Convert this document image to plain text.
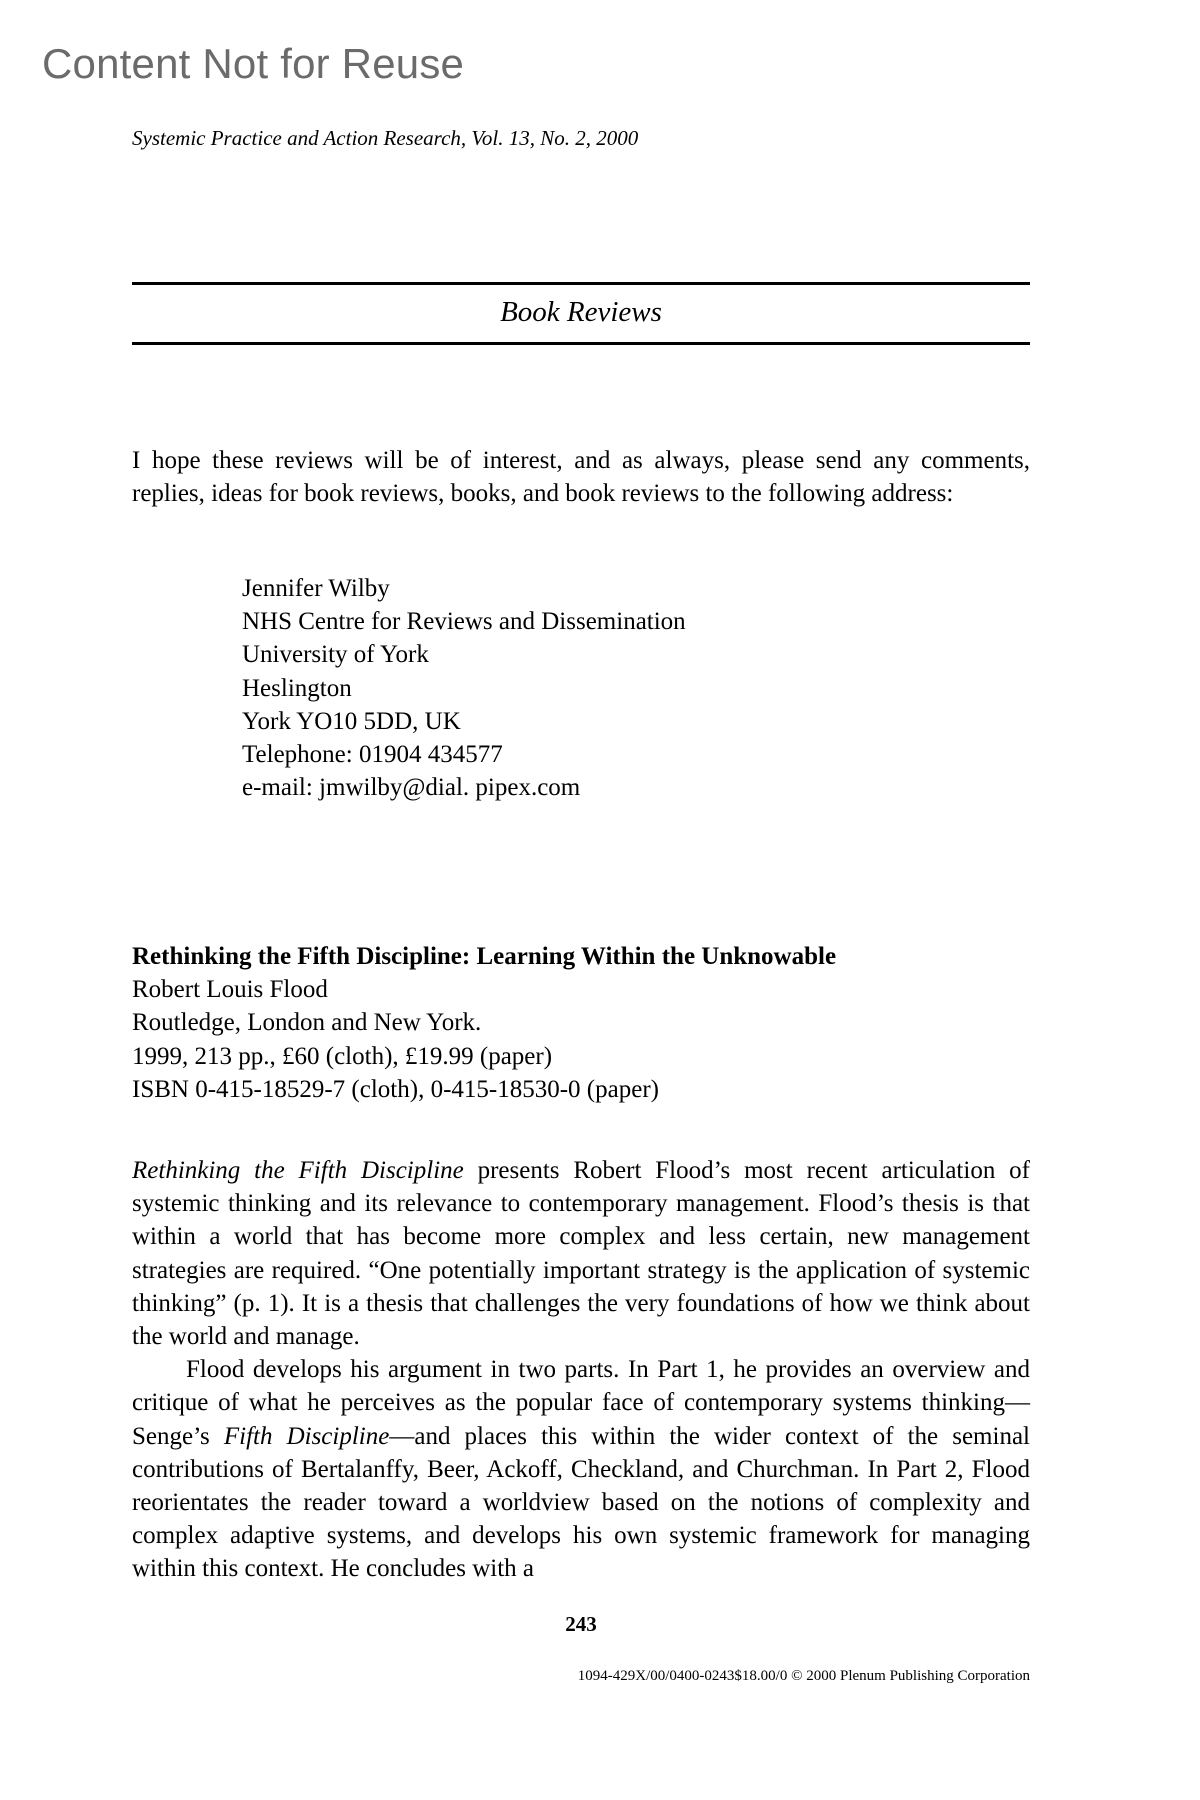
Content Not for Reuse
Systemic Practice and Action Research, Vol. 13, No. 2, 2000
Book Reviews
I hope these reviews will be of interest, and as always, please send any comments, replies, ideas for book reviews, books, and book reviews to the following address:
Jennifer Wilby
NHS Centre for Reviews and Dissemination
University of York
Heslington
York YO10 5DD, UK
Telephone: 01904 434577
e-mail: jmwilby@dial. pipex.com
Rethinking the Fifth Discipline: Learning Within the Unknowable
Robert Louis Flood
Routledge, London and New York.
1999, 213 pp., £60 (cloth), £19.99 (paper)
ISBN 0-415-18529-7 (cloth), 0-415-18530-0 (paper)

Rethinking the Fifth Discipline presents Robert Flood’s most recent articulation of systemic thinking and its relevance to contemporary management. Flood’s thesis is that within a world that has become more complex and less certain, new management strategies are required. “One potentially important strategy is the application of systemic thinking” (p. 1). It is a thesis that challenges the very foundations of how we think about the world and manage.

Flood develops his argument in two parts. In Part 1, he provides an overview and critique of what he perceives as the popular face of contemporary systems thinking—Senge’s Fifth Discipline—and places this within the wider context of the seminal contributions of Bertalanffy, Beer, Ackoff, Checkland, and Churchman. In Part 2, Flood reorientates the reader toward a worldview based on the notions of complexity and complex adaptive systems, and develops his own systemic framework for managing within this context. He concludes with a

243
1094-429X/00/0400-0243$18.00/0 © 2000 Plenum Publishing Corporation
